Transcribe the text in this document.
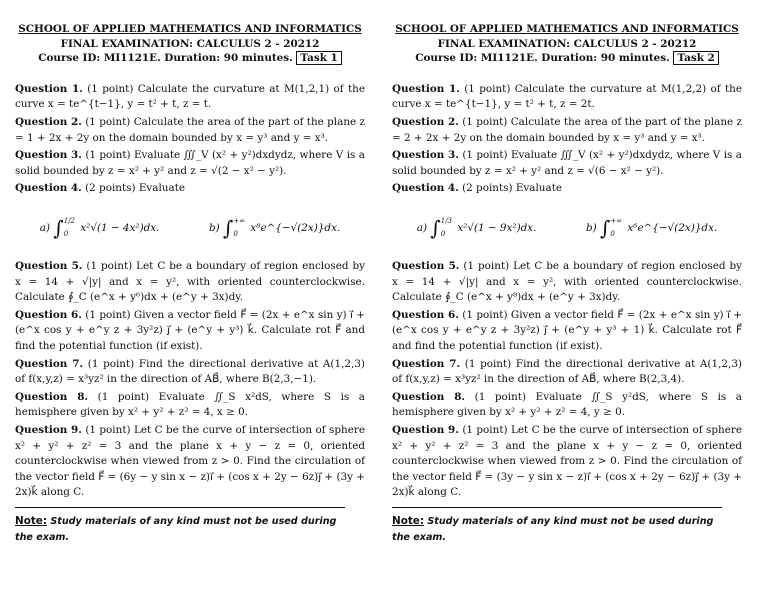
SCHOOL OF APPLIED MATHEMATICS AND INFORMATICS
FINAL EXAMINATION: CALCULUS 2 - 20212
Course ID: MI1121E. Duration: 90 minutes. Task 1

Question 1. (1 point) Calculate the curvature at M(1,2,1) of the curve x = te^{t−1}, y = t² + t, z = t.

Question 2. (1 point) Calculate the area of the part of the plane z = 1 + 2x + 2y on the domain bounded by x = y³ and y = x³.

Question 3. (1 point) Evaluate ∭_V (x² + y²)dxdydz, where V is a solid bounded by z = x² + y² and z = √(2 − x² − y²).

Question 4. (2 points) Evaluate

a) ∫1/2
0 x²√(1 − 4x²)dx.	b) ∫+∞
0 x⁸e^{−√(2x)}dx.

Question 5. (1 point) Let C be a boundary of region enclosed by x = 14 + √|y| and x = y², with oriented counterclockwise. Calculate ∮_C (e^x + y⁶)dx + (e^y + 3x)dy.

Question 6. (1 point) Given a vector field F⃗ = (2x + e^x sin y) i⃗ + (e^x cos y + e^y z + 3y²z) j⃗ + (e^y + y³) k⃗. Calculate rot F⃗ and find the potential function (if exist).

Question 7. (1 point) Find the directional derivative at A(1,2,3) of f(x,y,z) = x³yz² in the direction of AB⃗, where B(2,3,−1).

Question 8. (1 point) Evaluate ∬_S x²dS, where S is a hemisphere given by x² + y² + z² = 4, x ≥ 0.

Question 9. (1 point) Let C be the curve of intersection of sphere x² + y² + z² = 3 and the plane x + y − z = 0, oriented counterclockwise when viewed from z > 0. Find the circulation of the vector field F⃗ = (6y − y sin x − z)i⃗ + (cos x + 2y − 6z)j⃗ + (3y + 2x)k⃗ along C.

Note: Study materials of any kind must not be used during the exam.
SCHOOL OF APPLIED MATHEMATICS AND INFORMATICS
FINAL EXAMINATION: CALCULUS 2 - 20212
Course ID: MI1121E. Duration: 90 minutes. Task 2

Question 1. (1 point) Calculate the curvature at M(1,2,2) of the curve x = te^{t−1}, y = t² + t, z = 2t.

Question 2. (1 point) Calculate the area of the part of the plane z = 2 + 2x + 2y on the domain bounded by x = y³ and y = x³.

Question 3. (1 point) Evaluate ∭_V (x² + y²)dxdydz, where V is a solid bounded by z = x² + y² and z = √(6 − x² − y²).

Question 4. (2 points) Evaluate

a) ∫1/3
0 x²√(1 − 9x²)dx.	b) ∫+∞
0 x⁶e^{−√(2x)}dx.

Question 5. (1 point) Let C be a boundary of region enclosed by x = 14 + √|y| and x = y², with oriented counterclockwise. Calculate ∮_C (e^x + y⁸)dx + (e^y + 3x)dy.

Question 6. (1 point) Given a vector field F⃗ = (2x + e^x sin y) i⃗ + (e^x cos y + e^y z + 3y²z) j⃗ + (e^y + y³ + 1) k⃗. Calculate rot F⃗ and find the potential function (if exist).

Question 7. (1 point) Find the directional derivative at A(1,2,3) of f(x,y,z) = x³yz² in the direction of AB⃗, where B(2,3,4).

Question 8. (1 point) Evaluate ∬_S y²dS, where S is a hemisphere given by x² + y² + z² = 4, y ≥ 0.

Question 9. (1 point) Let C be the curve of intersection of sphere x² + y² + z² = 3 and the plane x + y − z = 0, oriented counterclockwise when viewed from z > 0. Find the circulation of the vector field F⃗ = (3y − y sin x − z)i⃗ + (cos x + 2y − 6z)j⃗ + (3y + 2x)k⃗ along C.

Note: Study materials of any kind must not be used during the exam.
